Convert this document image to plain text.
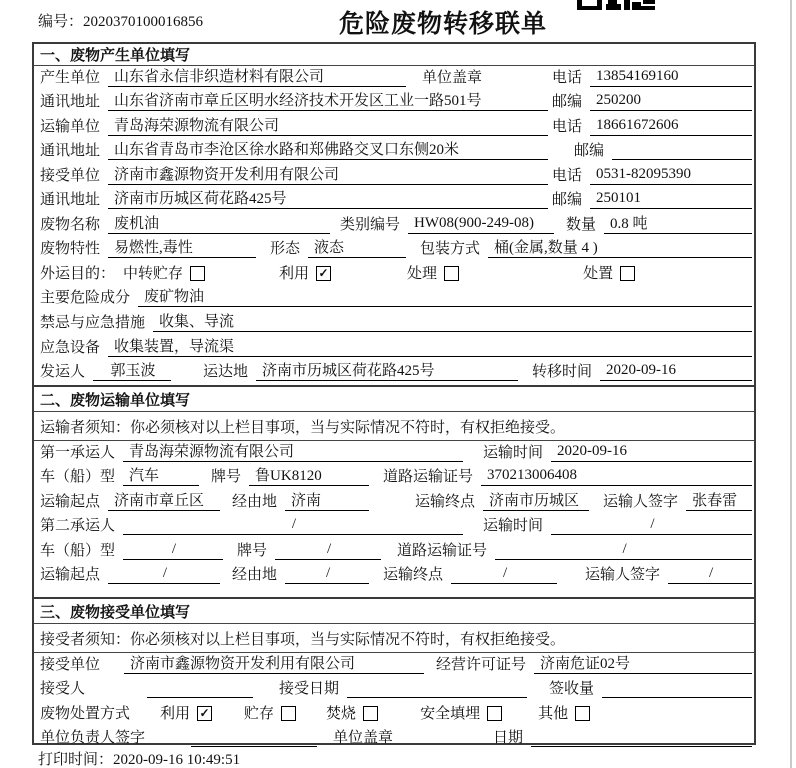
编号：2020370100016856	危险废物转移联单
一、废物产生单位填写
产生单位 山东省永信非织造材料有限公司	单位盖章	电话 13854169160
通讯地址 山东省济南市章丘区明水经济技术开发区工业一路501号	邮编 250200
运输单位 青岛海荣源物流有限公司	电话 18661672606
通讯地址 山东省青岛市李沧区徐水路和郑佛路交叉口东侧20米	邮编
接受单位 济南市鑫源物资开发利用有限公司	电话 0531-82095390
通讯地址 济南市历城区荷花路425号	邮编 250101
废物名称 废机油	类别编号 HW08(900-249-08)	数量 0.8 吨
废物特性 易燃性,毒性	形态 液态	包装方式 桶(金属,数量 4 )
外运目的： 中转贮存	利用 ✓	处理	处置
主要危险成分 废矿物油
禁忌与应急措施 收集、导流
应急设备 收集装置，导流渠
发运人	郭玉波	运达地 济南市历城区荷花路425号	转移时间 2020-09-16
二、废物运输单位填写
运输者须知：你必须核对以上栏目事项，当与实际情况不符时，有权拒绝接受。
第一承运人 青岛海荣源物流有限公司	运输时间 2020-09-16
车（船）型 汽车	牌号 鲁UK8120	道路运输证号 370213006408
运输起点 济南市章丘区	经由地 济南	运输终点 济南市历城区	运输人签字 张春雷
第二承运人	/	运输时间	/
车（船）型	/	牌号	/	道路运输证号	/
运输起点	/	经由地	/	运输终点	/	运输人签字	/
三、废物接受单位填写
接受者须知：你必须核对以上栏目事项，当与实际情况不符时，有权拒绝接受。
接受单位	济南市鑫源物资开发利用有限公司	经营许可证号 济南危证02号
接受人	接受日期	签收量
废物处置方式	利用 ✓ 贮存	焚烧	安全填埋	其他
单位负责人签字	单位盖章	日期
打印时间：2020-09-16 10:49:51
